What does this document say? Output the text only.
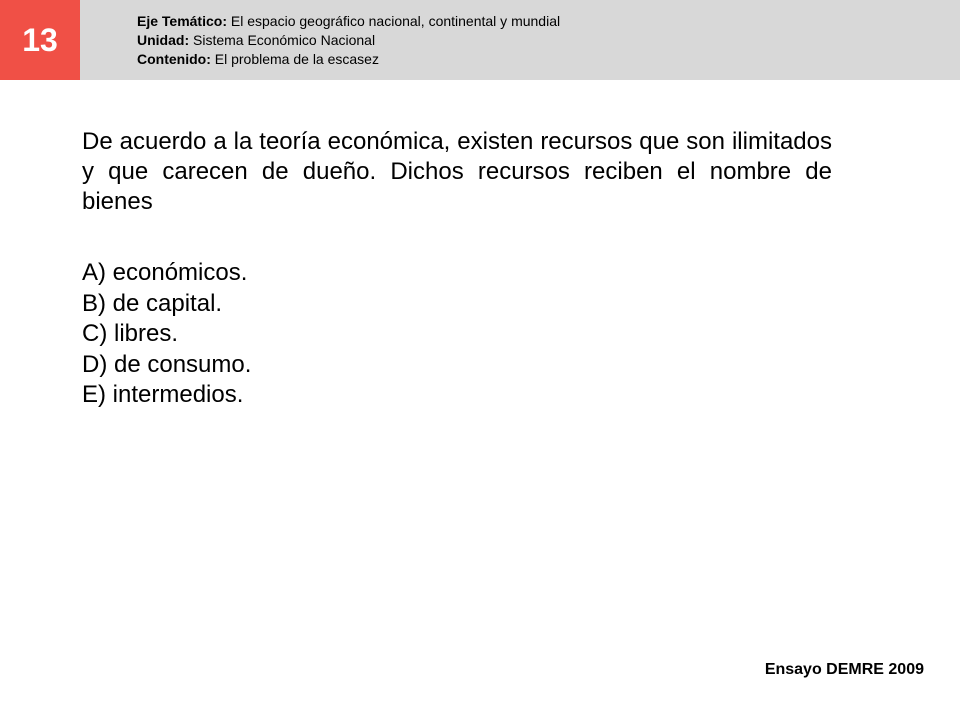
13
Eje Temático: El espacio geográfico nacional, continental y mundial
Unidad: Sistema Económico Nacional
Contenido: El problema de la escasez
De acuerdo a la teoría económica, existen recursos que son ilimitados y que carecen de dueño. Dichos recursos reciben el nombre de bienes
A) económicos.
B) de capital.
C) libres.
D) de consumo.
E) intermedios.
Ensayo DEMRE 2009
